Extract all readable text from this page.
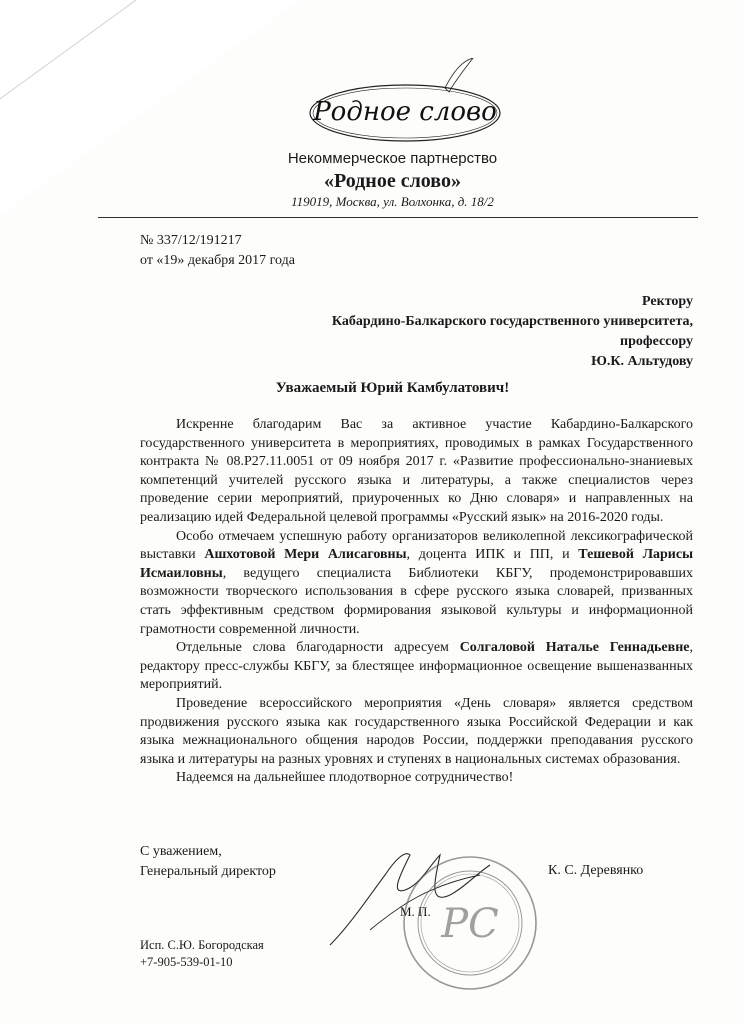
Родное слово
Некоммерческое партнерство
«Родное слово»
119019, Москва, ул. Волхонка, д. 18/2
№ 337/12/191217
от «19» декабря 2017 года
Ректору
Кабардино-Балкарского государственного университета,
профессору
Ю.К. Альтудову
Уважаемый Юрий Камбулатович!

Искренне благодарим Вас за активное участие Кабардино-Балкарского государственного университета в мероприятиях, проводимых в рамках Государственного контракта № 08.Р27.11.0051 от 09 ноября 2017 г. «Развитие профессионально-знаниевых компетенций учителей русского языка и литературы, а также специалистов через проведение серии мероприятий, приуроченных ко Дню словаря» и направленных на реализацию идей Федеральной целевой программы «Русский язык» на 2016-2020 годы.

Особо отмечаем успешную работу организаторов великолепной лексикографической выставки Ашхотовой Мери Алисаговны, доцента ИПК и ПП, и Тешевой Ларисы Исмаиловны, ведущего специалиста Библиотеки КБГУ, продемонстрировавших возможности творческого использования в сфере русского языка словарей, призванных стать эффективным средством формирования языковой культуры и информационной грамотности современной личности.

Отдельные слова благодарности адресуем Солгаловой Наталье Геннадьевне, редактору пресс-службы КБГУ, за блестящее информационное освещение вышеназванных мероприятий.

Проведение всероссийского мероприятия «День словаря» является средством продвижения русского языка как государственного языка Российской Федерации и как языка межнационального общения народов России, поддержки преподавания русского языка и литературы на разных уровнях и ступенях в национальных системах образования.

Надеемся на дальнейшее плодотворное сотрудничество!

С уважением,
Генеральный директор	К. С. Деревянко
РС
М. П.
Исп. С.Ю. Богородская
+7-905-539-01-10
